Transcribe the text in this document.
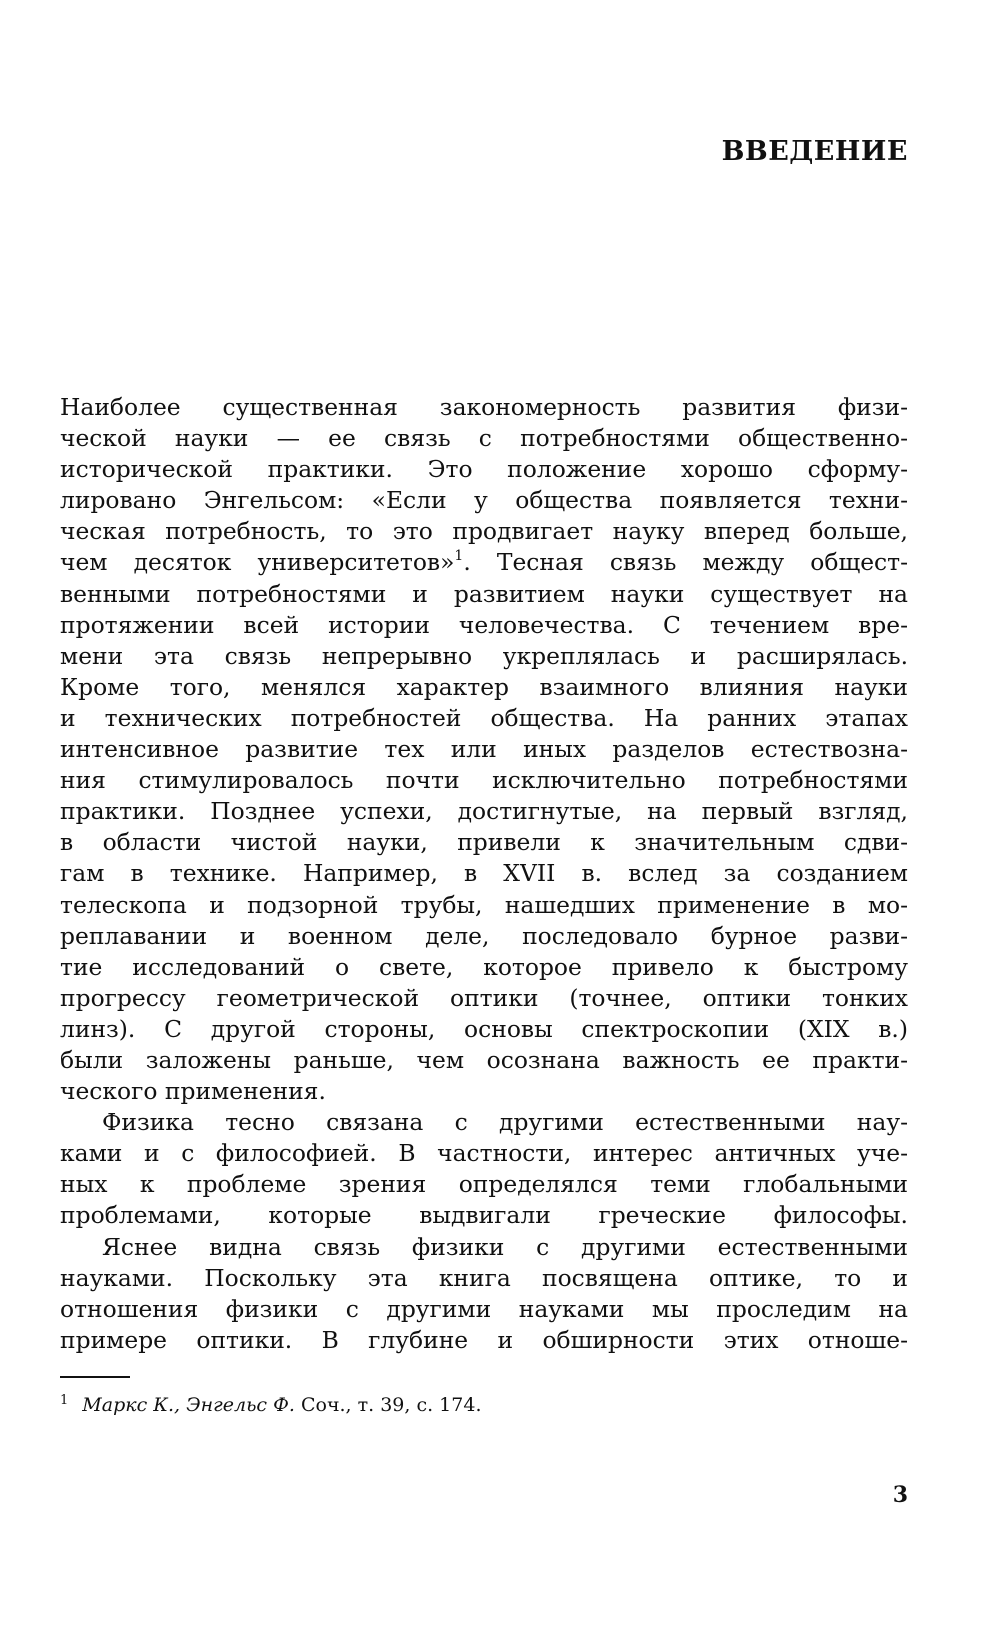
ВВЕДЕНИЕ

Наиболее существенная закономерность развития физи-
ческой науки — ее связь с потребностями общественно-
исторической практики. Это положение хорошо сформу-
лировано Энгельсом: «Если у общества появляется техни-
ческая потребность, то это продвигает науку вперед больше,
чем десяток университетов»$^1$. Тесная связь между общест-
венными потребностями и развитием науки существует на
протяжении всей истории человечества. С течением вре-
мени эта связь непрерывно укреплялась и расширялась.
Кроме того, менялся характер взаимного влияния науки
и технических потребностей общества. На ранних этапах
интенсивное развитие тех или иных разделов естествозна-
ния стимулировалось почти исключительно потребностями
практики. Позднее успехи, достигнутые, на первый взгляд,
в области чистой науки, привели к значительным сдви-
гам в технике. Например, в XVII в. вслед за созданием
телескопа и подзорной трубы, нашедших применение в мо-
реплавании и военном деле, последовало бурное разви-
тие исследований о свете, которое привело к быстрому
прогрессу геометрической оптики (точнее, оптики тонких
линз). С другой стороны, основы спектроскопии (XIX в.)
были заложены раньше, чем осознана важность ее практи-
ческого применения.

Физика тесно связана с другими естественными нау-
ками и с философией. В частности, интерес античных уче-
ных к проблеме зрения определялся теми глобальными
проблемами, которые выдвигали греческие философы.

Яснее видна связь физики с другими естественными
науками. Поскольку эта книга посвящена оптике, то и
отношения физики с другими науками мы проследим на
примере оптики. В глубине и обширности этих отноше-

$^1$ Маркс К., Энгельс Ф. Соч., т. 39, с. 174.
3
